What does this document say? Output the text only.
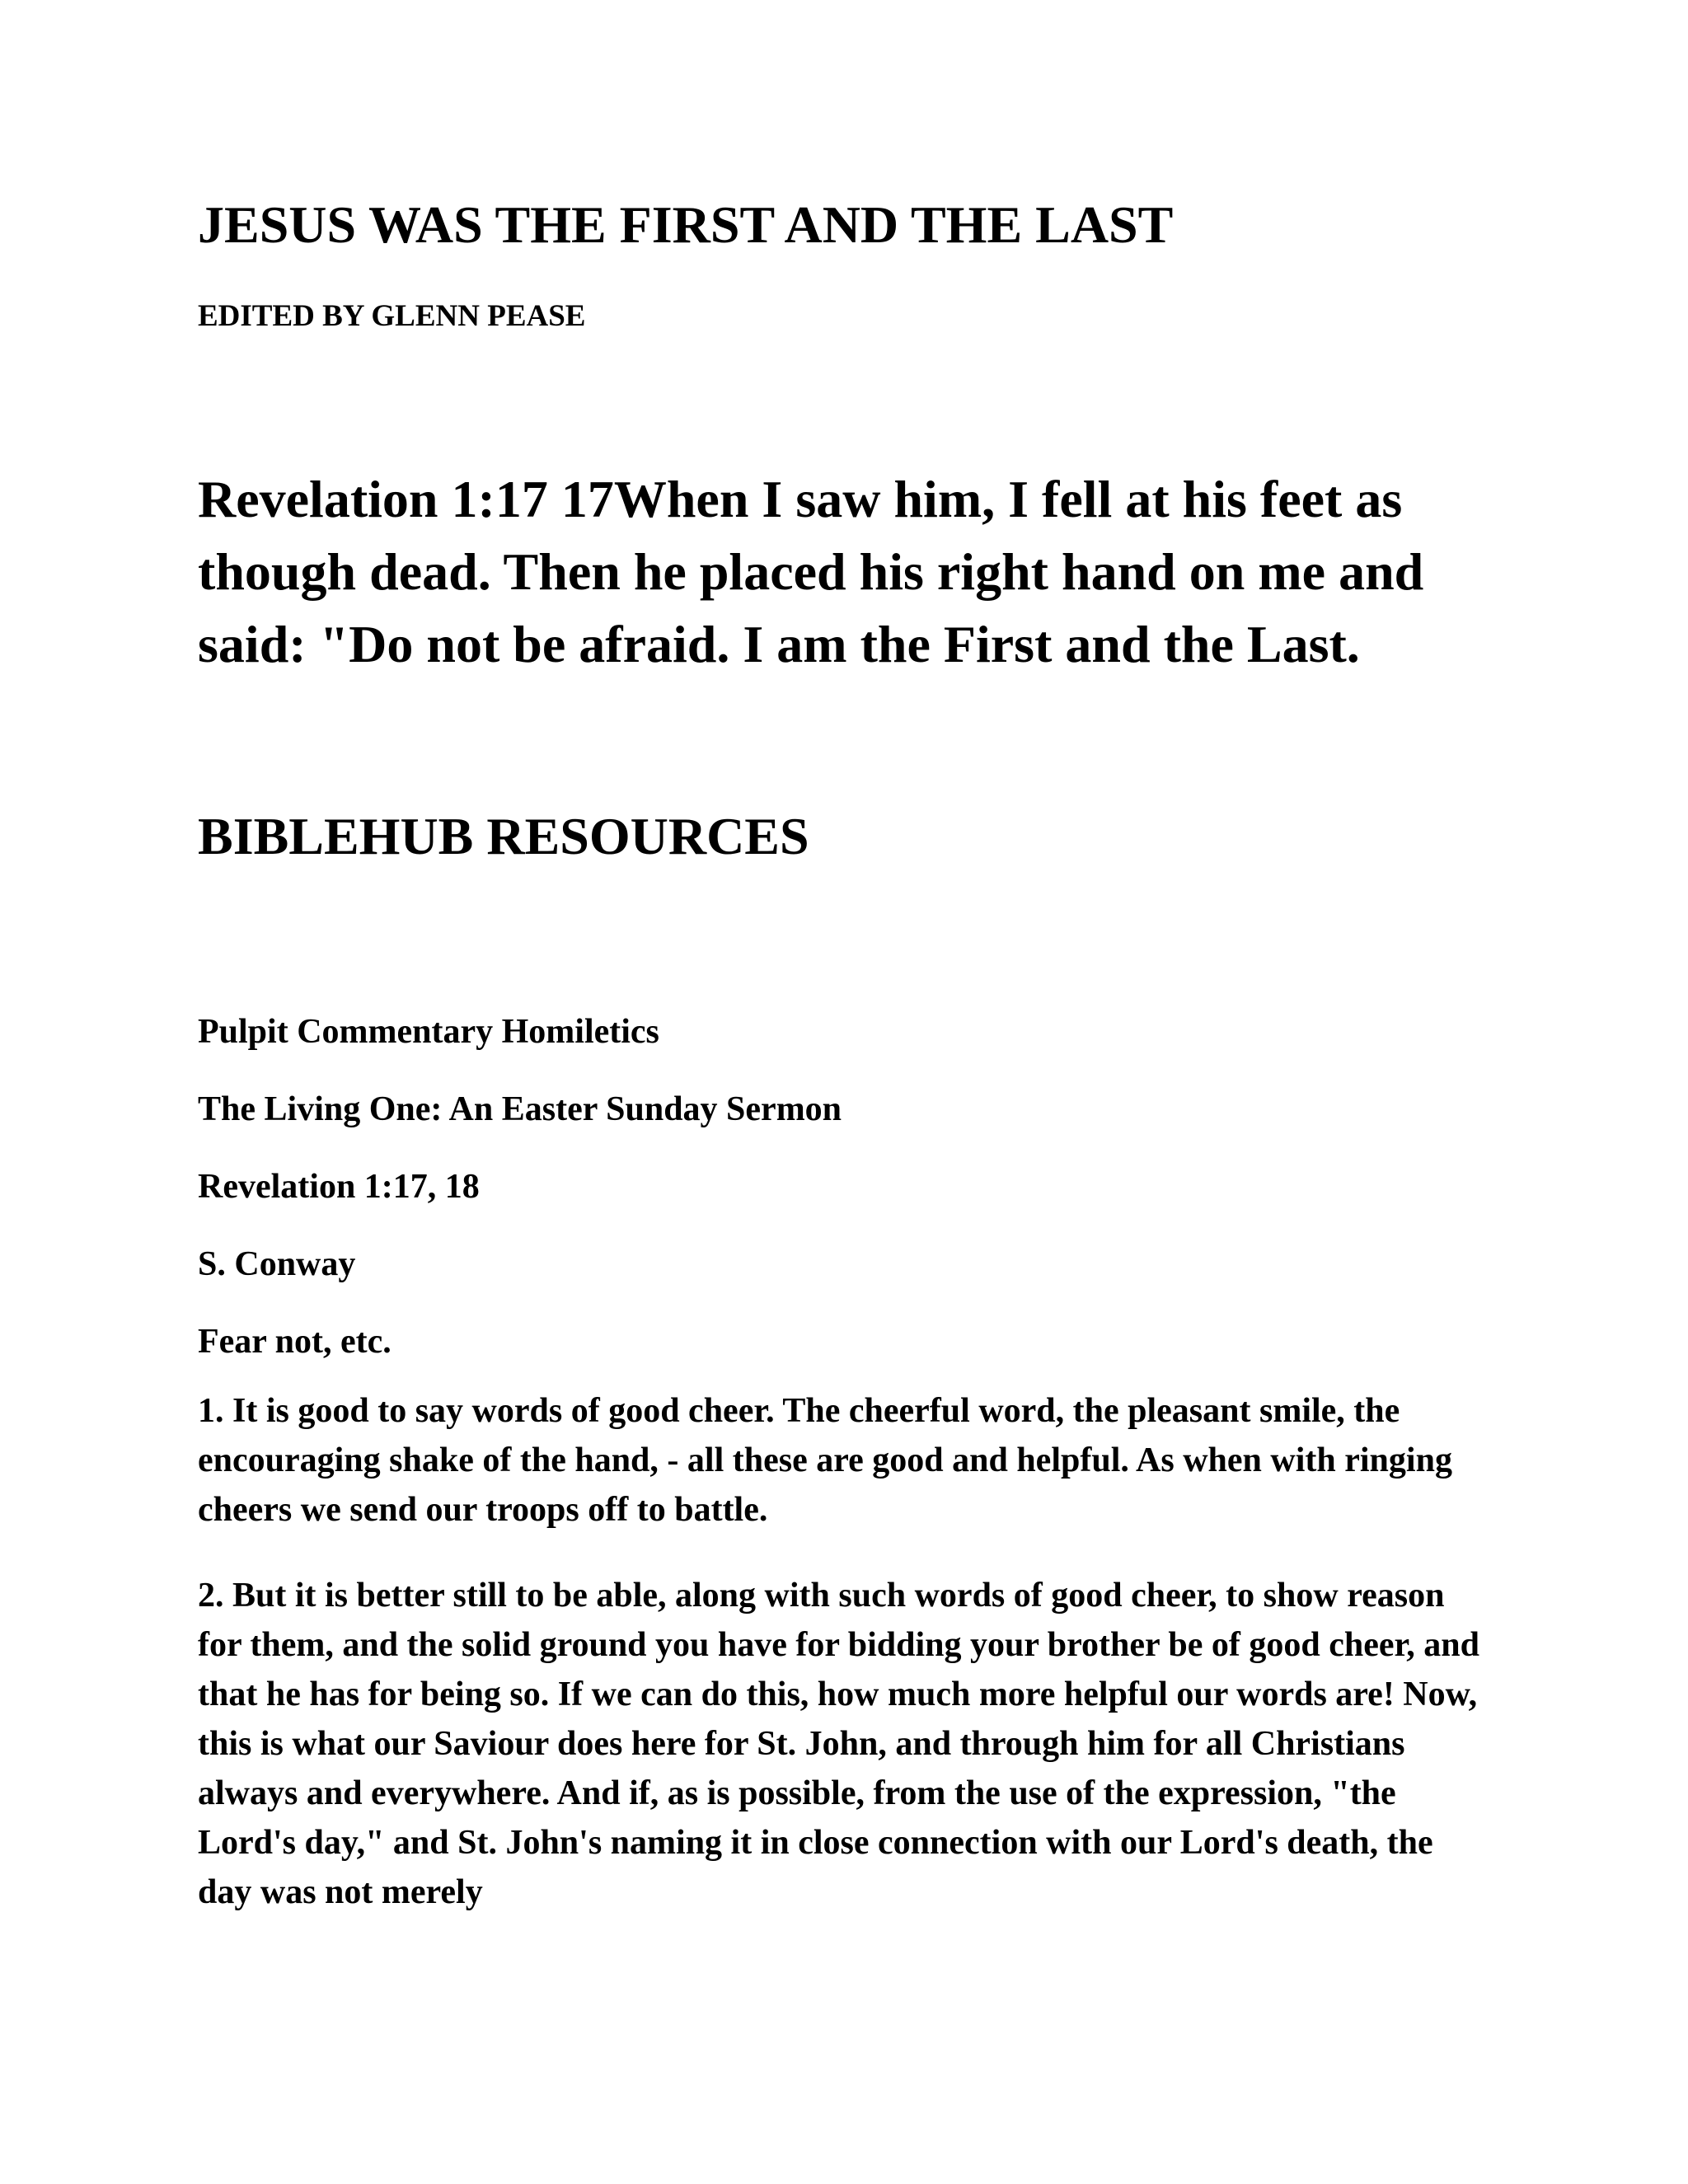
JESUS WAS THE FIRST AND THE LAST

EDITED BY GLENN PEASE

Revelation 1:17 17When I saw him, I fell at his feet as though dead. Then he placed his right hand on me and said: "Do not be afraid. I am the First and the Last.

BIBLEHUB RESOURCES

Pulpit Commentary Homiletics

The Living One: An Easter Sunday Sermon

Revelation 1:17, 18

S. Conway

Fear not, etc.

1. It is good to say words of good cheer. The cheerful word, the pleasant smile, the encouraging shake of the hand, - all these are good and helpful. As when with ringing cheers we send our troops off to battle.

2. But it is better still to be able, along with such words of good cheer, to show reason for them, and the solid ground you have for bidding your brother be of good cheer, and that he has for being so. If we can do this, how much more helpful our words are! Now, this is what our Saviour does here for St. John, and through him for all Christians always and everywhere. And if, as is possible, from the use of the expression, "the Lord's day," and St. John's naming it in close connection with our Lord's death, the day was not merely
